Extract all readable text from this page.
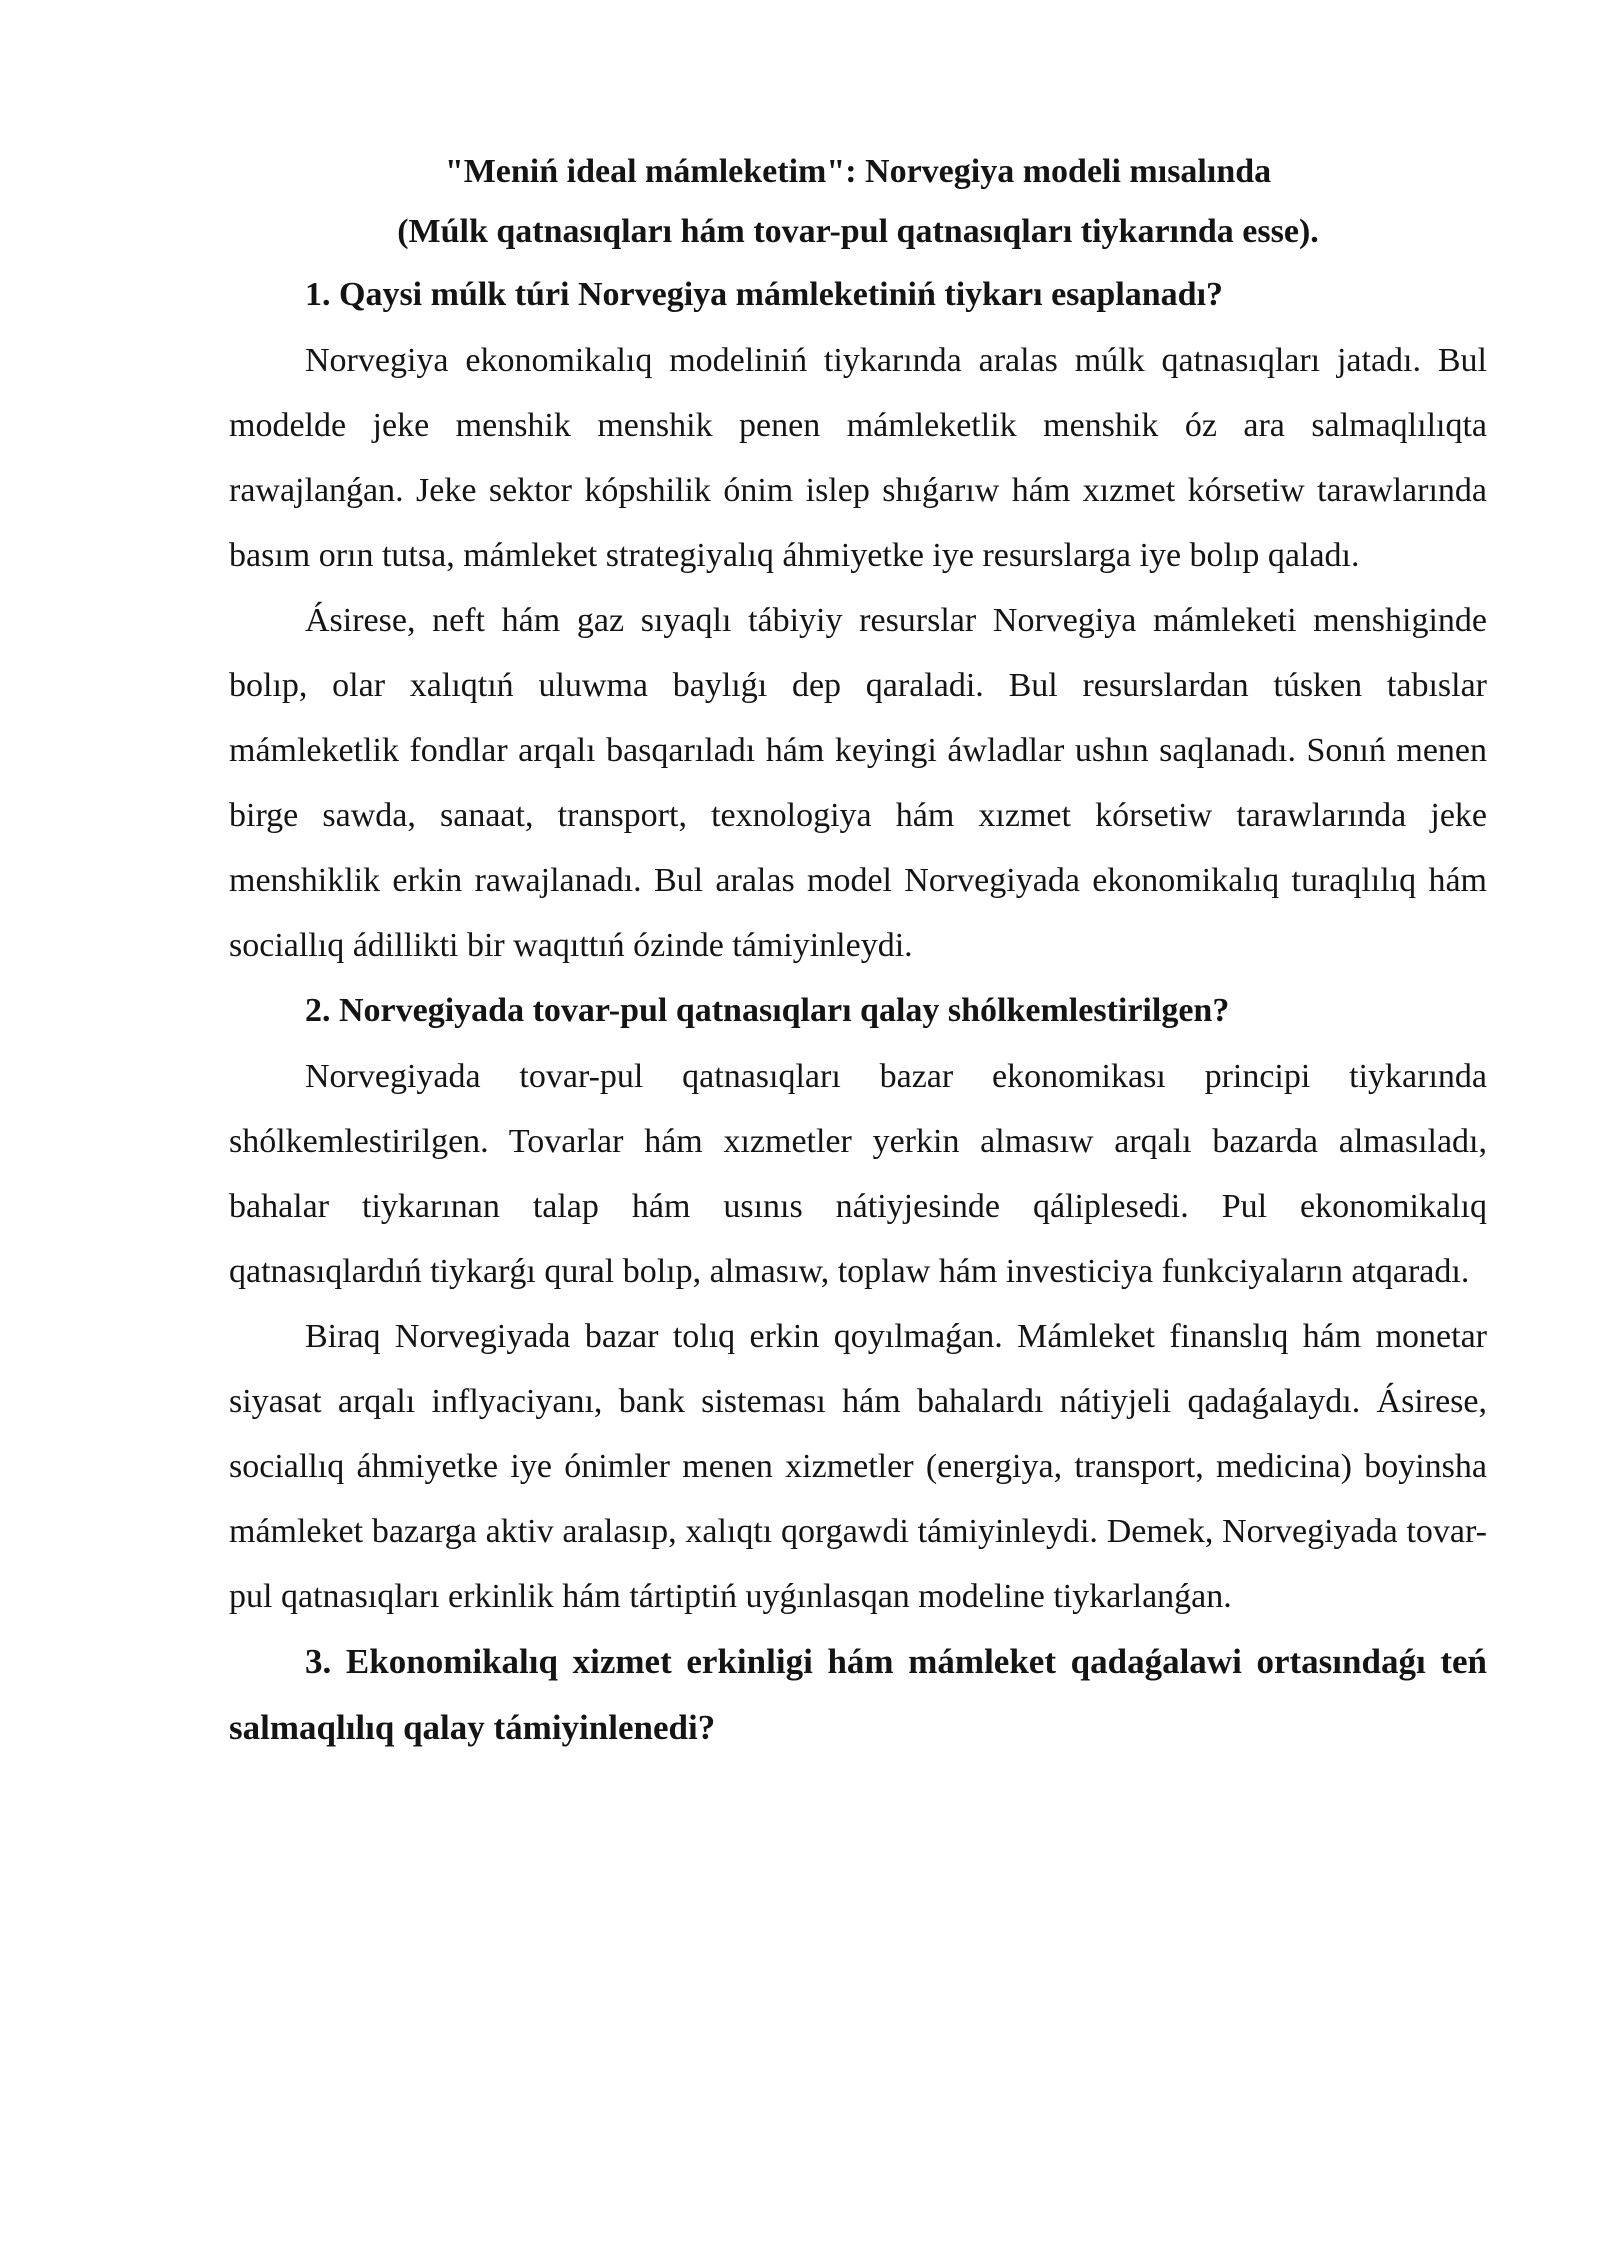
"Meniń ideal mámleketim": Norvegiya modeli mısalında

(Múlk qatnasıqları hám tovar-pul qatnasıqları tiykarında esse).

1. Qaysi múlk túri Norvegiya mámleketiniń tiykarı esaplanadı?

Norvegiya ekonomikalıq modeliniń tiykarında aralas múlk qatnasıqları jatadı. Bul modelde jeke menshik menshik penen mámleketlik menshik óz ara salmaqlılıqta rawajlanǵan. Jeke sektor kópshilik ónim islep shıǵarıw hám xızmet kórsetiw tarawlarında basım orın tutsa, mámleket strategiyalıq áhmiyetke iye resurslarga iye bolıp qaladı.

Ásirese, neft hám gaz sıyaqlı tábiyiy resurslar Norvegiya mámleketi menshiginde bolıp, olar xalıqtıń uluwma baylıǵı dep qaraladi. Bul resurslardan túsken tabıslar mámleketlik fondlar arqalı basqarıladı hám keyingi áwladlar ushın saqlanadı. Sonıń menen birge sawda, sanaat, transport, texnologiya hám xızmet kórsetiw tarawlarında jeke menshiklik erkin rawajlanadı. Bul aralas model Norvegiyada ekonomikalıq turaqlılıq hám sociallıq ádillikti bir waqıttıń ózinde támiyinleydi.

2. Norvegiyada tovar-pul qatnasıqları qalay shólkemlestirilgen?

Norvegiyada tovar-pul qatnasıqları bazar ekonomikası principi tiykarında shólkemlestirilgen. Tovarlar hám xızmetler yerkin almasıw arqalı bazarda almasıladı, bahalar tiykarınan talap hám usınıs nátiyjesinde qáliplesedi. Pul ekonomikalıq qatnasıqlardıń tiykarǵı qural bolıp, almasıw, toplaw hám investiciya funkciyaların atqaradı.

Biraq Norvegiyada bazar tolıq erkin qoyılmaǵan. Mámleket finanslıq hám monetar siyasat arqalı inflyaciyanı, bank sisteması hám bahalardı nátiyjeli qadaǵalaydı. Ásirese, sociallıq áhmiyetke iye ónimler menen xizmetler (energiya, transport, medicina) boyinsha mámleket bazarga aktiv aralasıp, xalıqtı qorgawdi támiyinleydi. Demek, Norvegiyada tovar-pul qatnasıqları erkinlik hám tártiptiń uyǵınlasqan modeline tiykarlanǵan.

3. Ekonomikalıq xizmet erkinligi hám mámleket qadaǵalawi ortasındaǵı teń salmaqlılıq qalay támiyinlenedi?
